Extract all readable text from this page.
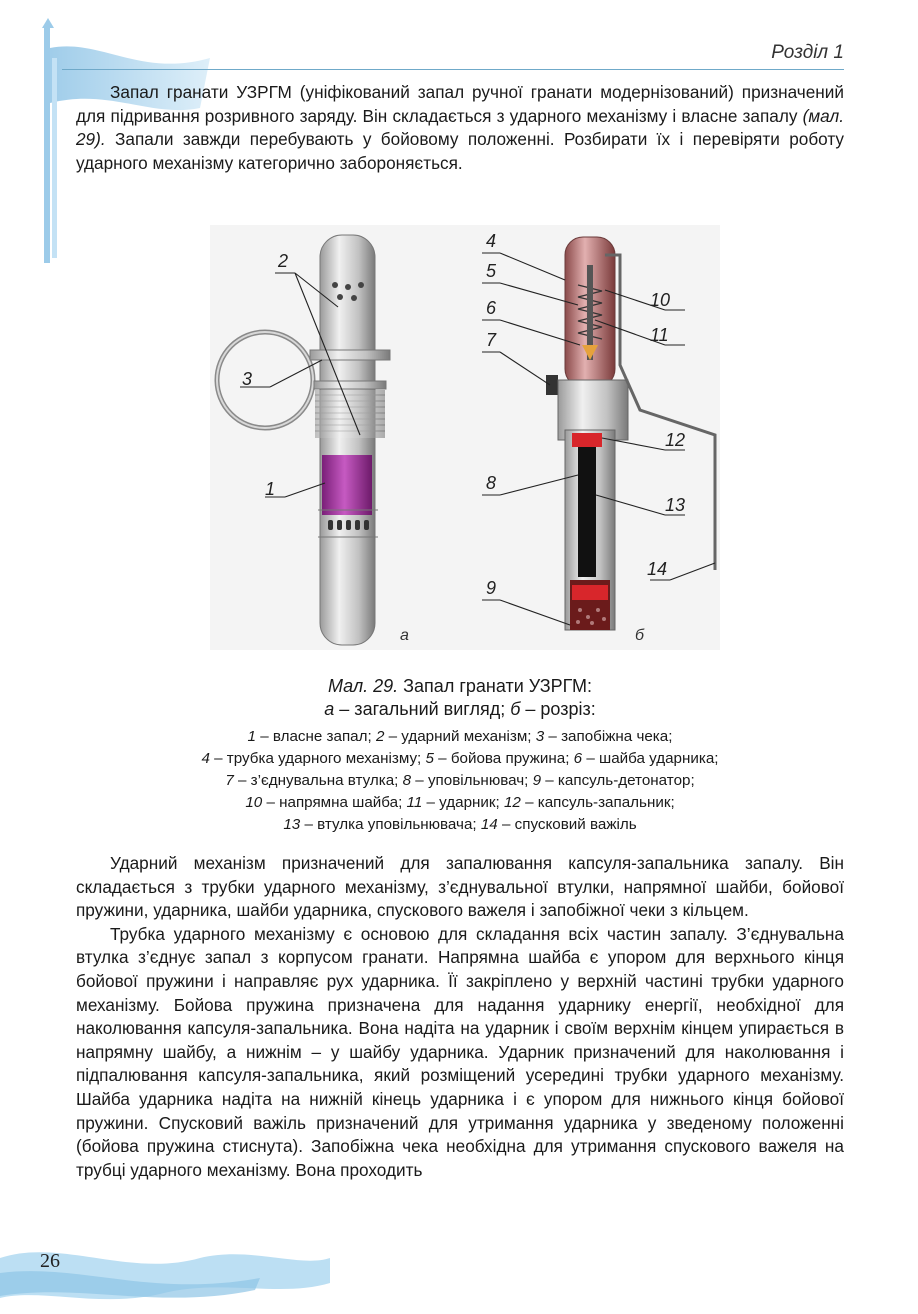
Розділ 1

Запал гранати УЗРГМ (уніфікований запал ручної гранати модернізований) призначений для підривання розривного заряду. Він складається з ударного механізму і власне запалу (мал. 29). Запали завжди перебувають у бойовому положенні. Розбирати їх і перевіряти роботу ударного механізму категорично забороняється.

2
3
1
4
5
6
7
8
9
10
11
12
13
14
а	б
Мал. 29. Запал гранати УЗРГМ:
а – загальний вигляд; б – розріз:
1 – власне запал; 2 – ударний механізм; 3 – запобіжна чека;
4 – трубка ударного механізму; 5 – бойова пружина; 6 – шайба ударника;
7 – з’єднувальна втулка; 8 – уповільнювач; 9 – капсуль-детонатор;
10 – напрямна шайба; 11 – ударник; 12 – капсуль-запальник;
13 – втулка уповільнювача; 14 – спусковий важіль

Ударний механізм призначений для запалювання капсуля-запальника запалу. Він складається з трубки ударного механізму, з’єднувальної втулки, напрямної шайби, бойової пружини, ударника, шайби ударника, спускового важеля і запобіжної чеки з кільцем.

Трубка ударного механізму є основою для складання всіх частин запалу. З’єднувальна втулка з’єднує запал з корпусом гранати. Напрямна шайба є упором для верхнього кінця бойової пружини і направляє рух ударника. Її закріплено у верхній частині трубки ударного механізму. Бойова пружина призначена для надання ударнику енергії, необхідної для наколювання капсуля-запальника. Вона надіта на ударник і своїм верхнім кінцем упирається в напрямну шайбу, а нижнім – у шайбу ударника. Ударник призначений для наколювання і підпалювання капсуля-запальника, який розміщений усередині трубки ударного механізму. Шайба ударника надіта на нижній кінець ударника і є упором для нижнього кінця бойової пружини. Спусковий важіль призначений для утримання ударника у зведеному положенні (бойова пружина стиснута). Запобіжна чека необхідна для утримання спускового важеля на трубці ударного механізму. Вона проходить

26
